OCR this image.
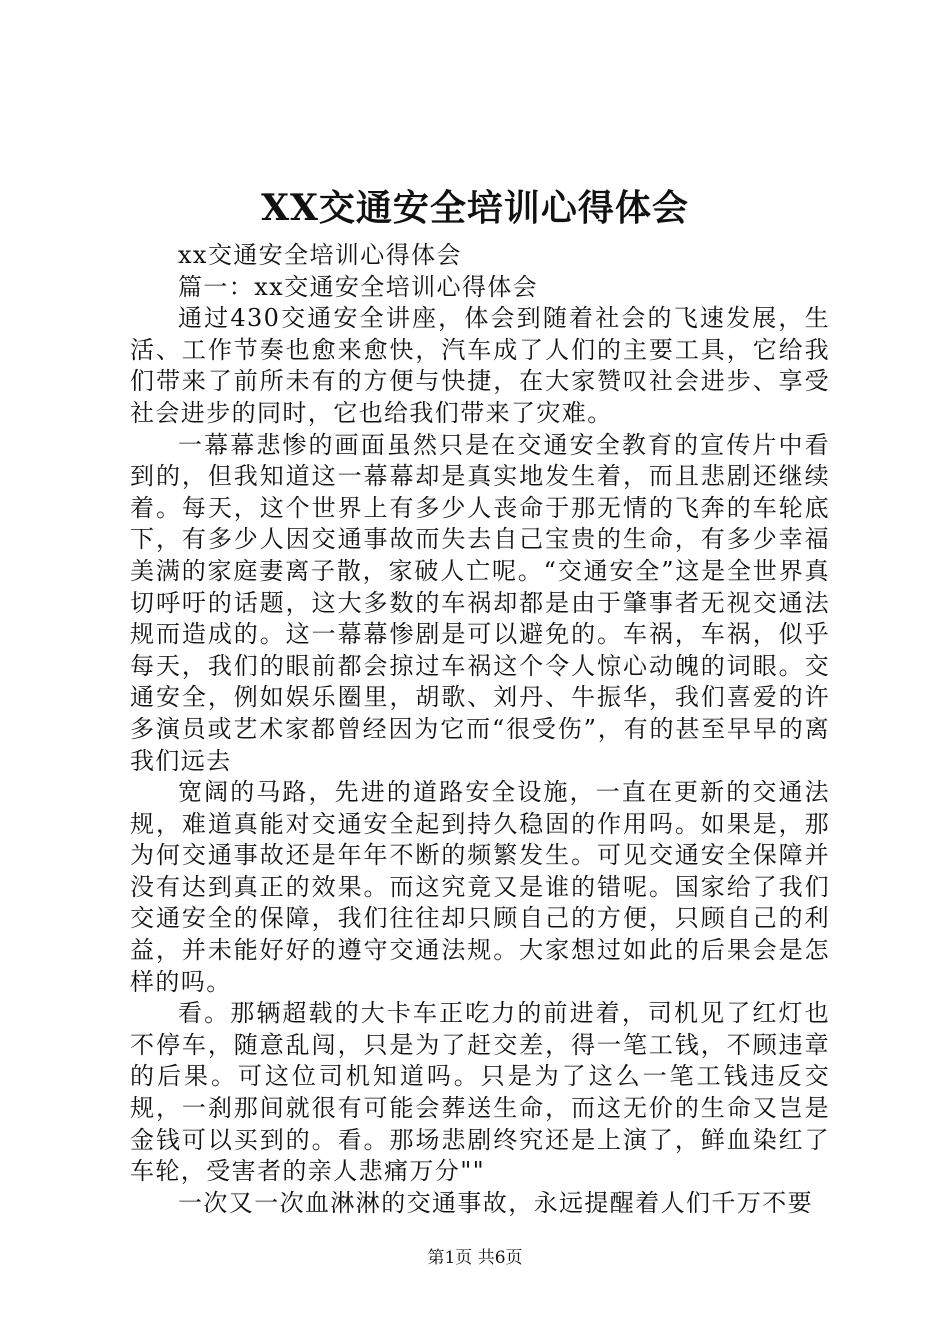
XX交通安全培训心得体会

xx交通安全培训心得体会

篇一：xx交通安全培训心得体会

通过430交通安全讲座，体会到随着社会的飞速发展，生活、工作节奏也愈来愈快，汽车成了人们的主要工具，它给我们带来了前所未有的方便与快捷，在大家赞叹社会进步、享受社会进步的同时，它也给我们带来了灾难。

一幕幕悲惨的画面虽然只是在交通安全教育的宣传片中看到的，但我知道这一幕幕却是真实地发生着，而且悲剧还继续着。每天，这个世界上有多少人丧命于那无情的飞奔的车轮底下，有多少人因交通事故而失去自己宝贵的生命，有多少幸福美满的家庭妻离子散，家破人亡呢。“交通安全”这是全世界真切呼吁的话题，这大多数的车祸却都是由于肇事者无视交通法规而造成的。这一幕幕惨剧是可以避免的。车祸，车祸，似乎每天，我们的眼前都会掠过车祸这个令人惊心动魄的词眼。交通安全，例如娱乐圈里，胡歌、刘丹、牛振华，我们喜爱的许多演员或艺术家都曾经因为它而“很受伤”，有的甚至早早的离我们远去

宽阔的马路，先进的道路安全设施，一直在更新的交通法规，难道真能对交通安全起到持久稳固的作用吗。如果是，那为何交通事故还是年年不断的频繁发生。可见交通安全保障并没有达到真正的效果。而这究竟又是谁的错呢。国家给了我们交通安全的保障，我们往往却只顾自己的方便，只顾自己的利益，并未能好好的遵守交通法规。大家想过如此的后果会是怎样的吗。

看。那辆超载的大卡车正吃力的前进着，司机见了红灯也不停车，随意乱闯，只是为了赶交差，得一笔工钱，不顾违章的后果。可这位司机知道吗。只是为了这么一笔工钱违反交规，一刹那间就很有可能会葬送生命，而这无价的生命又岂是金钱可以买到的。看。那场悲剧终究还是上演了，鲜血染红了车轮，受害者的亲人悲痛万分""

一次又一次血淋淋的交通事故，永远提醒着人们千万不要

第1页 共6页
